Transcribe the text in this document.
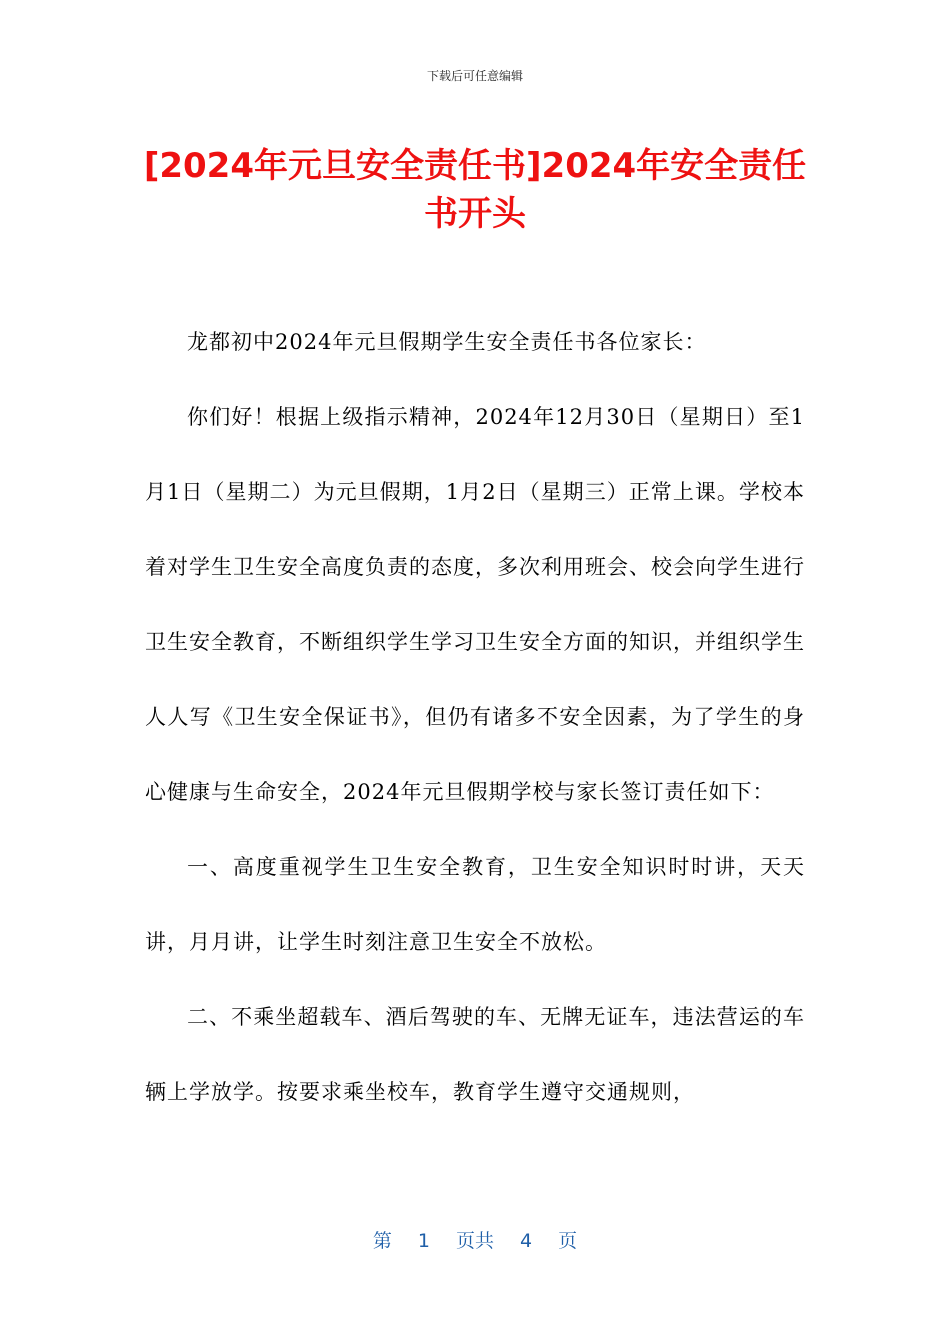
下载后可任意编辑
[2024年元旦安全责任书]2024年安全责任书开头

龙都初中2024年元旦假期学生安全责任书各位家长：

你们好！根据上级指示精神，2024年12月30日（星期日）至1月1日（星期二）为元旦假期，1月2日（星期三）正常上课。学校本着对学生卫生安全高度负责的态度，多次利用班会、校会向学生进行卫生安全教育，不断组织学生学习卫生安全方面的知识，并组织学生人人写《卫生安全保证书》，但仍有诸多不安全因素，为了学生的身心健康与生命安全，2024年元旦假期学校与家长签订责任如下：

一、高度重视学生卫生安全教育，卫生安全知识时时讲，天天讲，月月讲，让学生时刻注意卫生安全不放松。

二、不乘坐超载车、酒后驾驶的车、无牌无证车，违法营运的车辆上学放学。按要求乘坐校车，教育学生遵守交通规则，

第 1 页共 4 页
